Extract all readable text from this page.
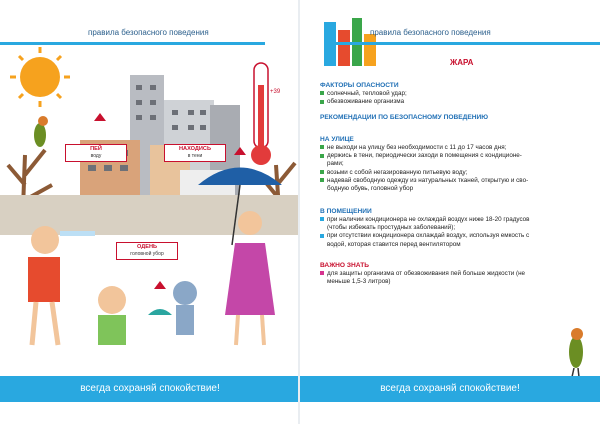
правила безопасного поведения
+39
ПЕЙ
воду
НАХОДИСЬ
в тени
ОДЕНЬ
головной убор
всегда сохраняй спокойствие!
правила безопасного поведения
всегда сохраняй спокойствие!
ЖАРА
ФАКТОРЫ ОПАСНОСТИ
солнечный, тепловой удар;
обезвоживание организма
РЕКОМЕНДАЦИИ ПО БЕЗОПАСНОМУ ПОВЕДЕНИЮ
НА УЛИЦЕ
не выходи на улицу без необходимости с 11 до 17 часов дня;
держись в тени, периодически заходи в помещения с кондиционе-
рами;
возьми с собой негазированную питьевую воду;
надевай свободную одежду из натуральных тканей, открытую и сво-
бодную обувь, головной убор
В ПОМЕЩЕНИИ
при наличии кондиционера не охлаждай воздух ниже 18-20 градусов
(чтобы избежать простудных заболеваний);
при отсутствии кондиционера охлаждай воздух, используя емкость с
водой, которая ставится перед вентилятором
ВАЖНО ЗНАТЬ
для защиты организма от обезвоживания пей больше жидкости (не
меньше 1,5-3 литров)
